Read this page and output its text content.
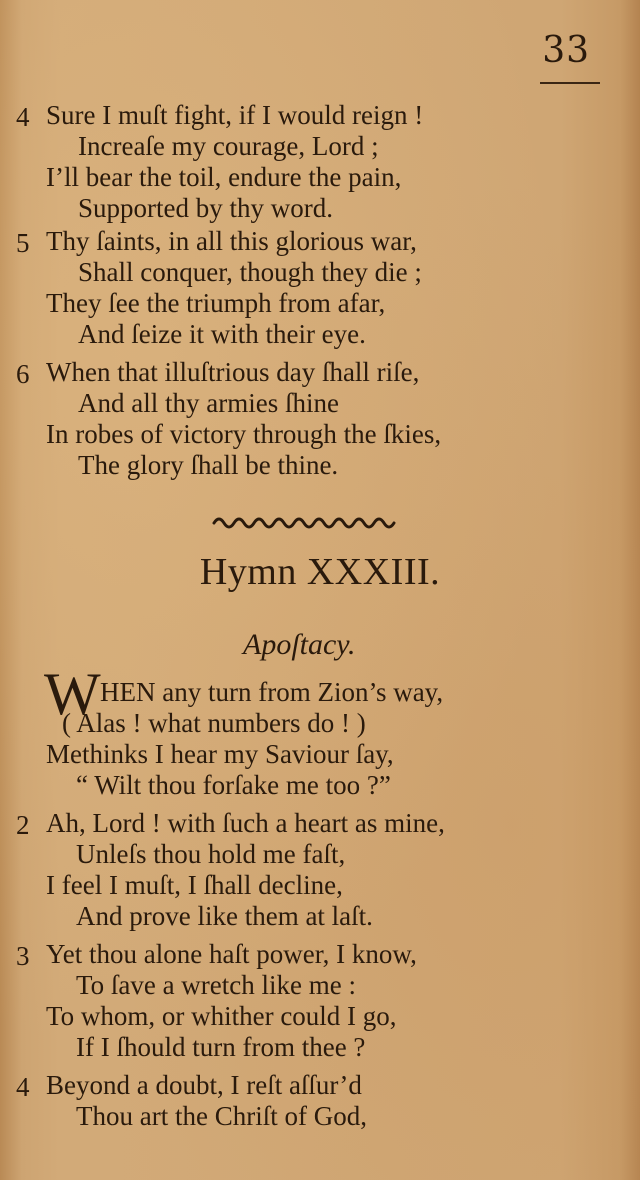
33
4 Sure I muſt fight, if I would reign !
Increaſe my courage, Lord ;
I’ll bear the toil, endure the pain,
Supported by thy word.
5 Thy ſaints, in all this glorious war,
Shall conquer, though they die ;
They ſee the triumph from afar,
And ſeize it with their eye.
6 When that illuſtrious day ſhall riſe,
And all thy armies ſhine
In robes of victory through the ſkies,
The glory ſhall be thine.
Hymn XXXIII.
Apoſtacy.
W HEN any turn from Zion’s way,
( Alas ! what numbers do ! )
Methinks I hear my Saviour ſay,
“ Wilt thou forſake me too ?”
2 Ah, Lord ! with ſuch a heart as mine,
Unleſs thou hold me faſt,
I feel I muſt, I ſhall decline,
And prove like them at laſt.
3 Yet thou alone haſt power, I know,
To ſave a wretch like me :
To whom, or whither could I go,
If I ſhould turn from thee ?
4 Beyond a doubt, I reſt aſſur’d
Thou art the Chriſt of God,
